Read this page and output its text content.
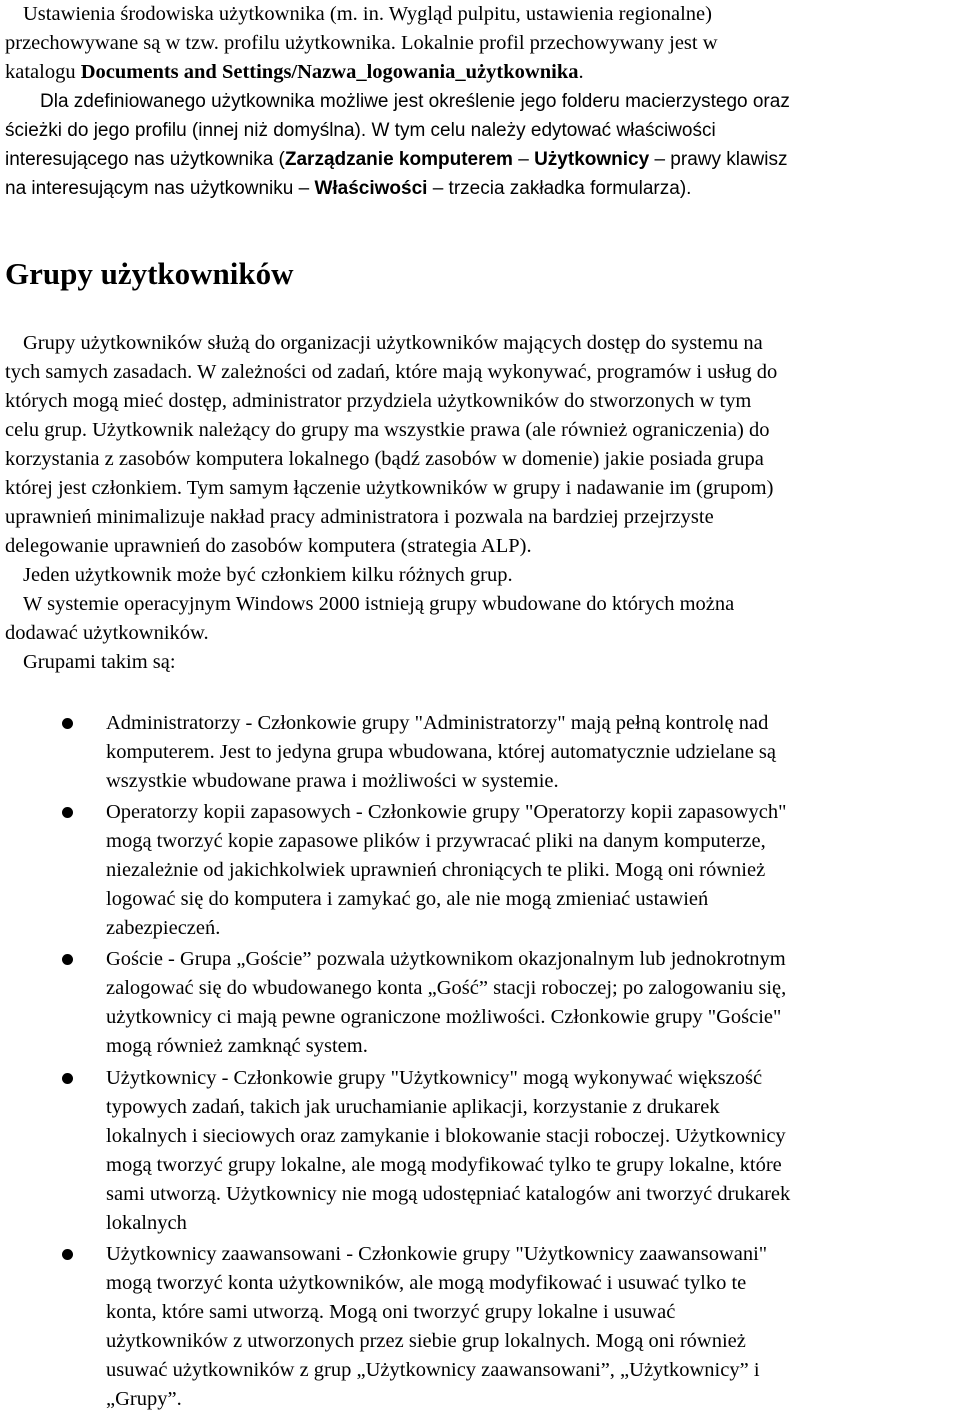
Ustawienia środowiska użytkownika (m. in. Wygląd pulpitu, ustawienia regionalne)
przechowywane są w tzw. profilu użytkownika. Lokalnie profil przechowywany jest w
katalogu Documents and Settings/Nazwa_logowania_użytkownika.
Dla zdefiniowanego użytkownika możliwe jest określenie jego folderu macierzystego oraz
ścieżki do jego profilu (innej niż domyślna). W tym celu należy edytować właściwości
interesującego nas użytkownika (Zarządzanie komputerem – Użytkownicy – prawy klawisz
na interesującym nas użytkowniku – Właściwości – trzecia zakładka formularza).
Grupy użytkowników
Grupy użytkowników służą do organizacji użytkowników mających dostęp do systemu na
tych samych zasadach. W zależności od zadań, które mają wykonywać, programów i usług do
których mogą mieć dostęp, administrator przydziela użytkowników do stworzonych w tym
celu grup. Użytkownik należący do grupy ma wszystkie prawa (ale również ograniczenia) do
korzystania z zasobów komputera lokalnego (bądź zasobów w domenie) jakie posiada grupa
której jest członkiem. Tym samym łączenie użytkowników w grupy i nadawanie im (grupom)
uprawnień minimalizuje nakład pracy administratora i pozwala na bardziej przejrzyste
delegowanie uprawnień do zasobów komputera (strategia ALP).
Jeden użytkownik może być członkiem kilku różnych grup.
W systemie operacyjnym Windows 2000 istnieją grupy wbudowane do których można
dodawać użytkowników.
Grupami takim są:
Administratorzy - Członkowie grupy "Administratorzy" mają pełną kontrolę nad
komputerem. Jest to jedyna grupa wbudowana, której automatycznie udzielane są
wszystkie wbudowane prawa i możliwości w systemie.
Operatorzy kopii zapasowych - Członkowie grupy "Operatorzy kopii zapasowych"
mogą tworzyć kopie zapasowe plików i przywracać pliki na danym komputerze,
niezależnie od jakichkolwiek uprawnień chroniących te pliki. Mogą oni również
logować się do komputera i zamykać go, ale nie mogą zmieniać ustawień
zabezpieczeń.
Goście - Grupa „Goście” pozwala użytkownikom okazjonalnym lub jednokrotnym
zalogować się do wbudowanego konta „Gość” stacji roboczej; po zalogowaniu się,
użytkownicy ci mają pewne ograniczone możliwości. Członkowie grupy "Goście"
mogą również zamknąć system.
Użytkownicy - Członkowie grupy "Użytkownicy" mogą wykonywać większość
typowych zadań, takich jak uruchamianie aplikacji, korzystanie z drukarek
lokalnych i sieciowych oraz zamykanie i blokowanie stacji roboczej. Użytkownicy
mogą tworzyć grupy lokalne, ale mogą modyfikować tylko te grupy lokalne, które
sami utworzą. Użytkownicy nie mogą udostępniać katalogów ani tworzyć drukarek
lokalnych
Użytkownicy zaawansowani - Członkowie grupy "Użytkownicy zaawansowani"
mogą tworzyć konta użytkowników, ale mogą modyfikować i usuwać tylko te
konta, które sami utworzą. Mogą oni tworzyć grupy lokalne i usuwać
użytkowników z utworzonych przez siebie grup lokalnych. Mogą oni również
usuwać użytkowników z grup „Użytkownicy zaawansowani”, „Użytkownicy” i
„Grupy”.
